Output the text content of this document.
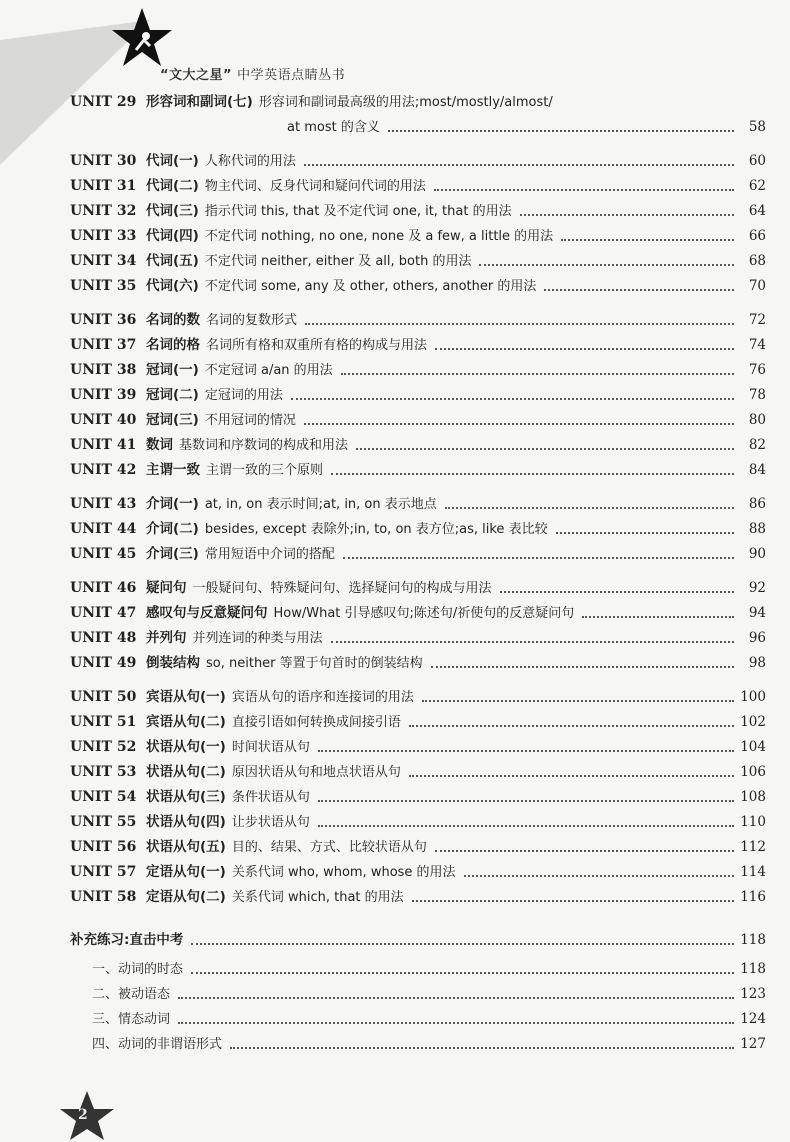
“文大之星” 中学英语点睛丛书
UNIT 29 形容词和副词(七) 形容词和副词最高级的用法;most/mostly/almost/
at most 的含义	58
UNIT 30 代词(一) 人称代词的用法	60
UNIT 31 代词(二) 物主代词、反身代词和疑问代词的用法	62
UNIT 32 代词(三) 指示代词 this, that 及不定代词 one, it, that 的用法	64
UNIT 33 代词(四) 不定代词 nothing, no one, none 及 a few, a little 的用法	66
UNIT 34 代词(五) 不定代词 neither, either 及 all, both 的用法	68
UNIT 35 代词(六) 不定代词 some, any 及 other, others, another 的用法	70
UNIT 36 名词的数 名词的复数形式	72
UNIT 37 名词的格 名词所有格和双重所有格的构成与用法	74
UNIT 38 冠词(一) 不定冠词 a/an 的用法	76
UNIT 39 冠词(二) 定冠词的用法	78
UNIT 40 冠词(三) 不用冠词的情况	80
UNIT 41 数词 基数词和序数词的构成和用法	82
UNIT 42 主谓一致 主谓一致的三个原则	84
UNIT 43 介词(一) at, in, on 表示时间;at, in, on 表示地点	86
UNIT 44 介词(二) besides, except 表除外;in, to, on 表方位;as, like 表比较	88
UNIT 45 介词(三) 常用短语中介词的搭配	90
UNIT 46 疑问句 一般疑问句、特殊疑问句、选择疑问句的构成与用法	92
UNIT 47 感叹句与反意疑问句 How/What 引导感叹句;陈述句/祈使句的反意疑问句	94
UNIT 48 并列句 并列连词的种类与用法	96
UNIT 49 倒装结构 so, neither 等置于句首时的倒装结构	98
UNIT 50 宾语从句(一) 宾语从句的语序和连接词的用法	100
UNIT 51 宾语从句(二) 直接引语如何转换成间接引语	102
UNIT 52 状语从句(一) 时间状语从句	104
UNIT 53 状语从句(二) 原因状语从句和地点状语从句	106
UNIT 54 状语从句(三) 条件状语从句	108
UNIT 55 状语从句(四) 让步状语从句	110
UNIT 56 状语从句(五) 目的、结果、方式、比较状语从句	112
UNIT 57 定语从句(一) 关系代词 who, whom, whose 的用法	114
UNIT 58 定语从句(二) 关系代词 which, that 的用法	116
补充练习:直击中考	118
一、动词的时态	118
二、被动语态	123
三、情态动词	124
四、动词的非谓语形式	127
2
